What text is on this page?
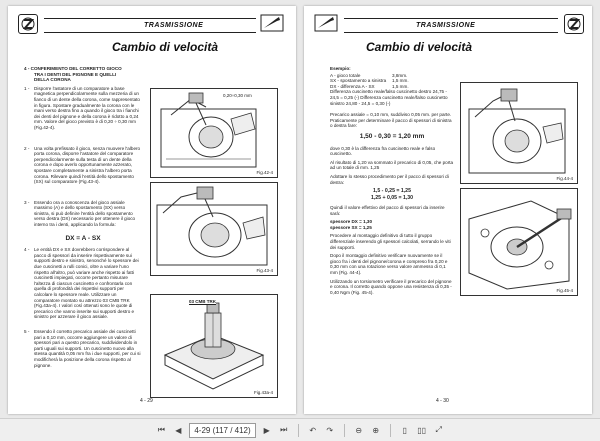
TRASMISSIONE
Cambio di velocità

4 - CONFERIMENTO DEL CORRETTO GIOCO
TRA I DENTI DEL PIGNONE E QUELLI
DELLA CORONA

1 -	Disporre l'astatore di un comparatore a base magnetica perpendicolarmente sulla mezzeria di un fianco di un dente della corona, come rappresentato in figura. Spostare gradualmente la corona con le mani verso destra fino a quando il gioco tra i fianchi dei denti del pignone e della corona è ridotto a 0,24 mm. Valore del gioco previsto è di 0,20 ÷ 0,30 mm (Fig.42-4).

2 -	Una volta prefissato il gioco, senza muovere l'albero porta corona, disporre l'astatore del comparatore perpendicolarmente sulla testa di un dente della corona e dopo averlo opportunamente azzerato, spostare completamente a sinistra l'albero porta corona. Rilevare quindi l'entità dello spostamento (SX) sul comparatore (Fig.43-4).

3 -	Essendo ora a conoscenza del gioco assiale massimo (A) e dello spostamento (SX) verso sinistra, si può definire l'entità dello spostamento verso destra (DX) necessario per ottenere il gioco interno tra i denti, applicando la formula:

DX = A - SX
4 -	Le entità DX e SX dovrebbero corrispondere al pacco di spessori da inserire rispettivamente sui supporti destro e sinistro, senonché lo spessore dei due cuscinetti a rulli conici, oltre a variare l'uno rispetto all'altro, può variare anche rispetto ai fatti cuscinetti impiegati, occorre pertanto misurare l'altezza di ciascun cuscinetto e confrontarla con quella di profondità dei rispettivi supporti per calcolare lo spessore reale. Utilizzare un comparatore montato su attrezzo 03 CMB TRK (Fig.43a-4). I valori così ottenuti sono le quote di precarico che vanno inserite sui supporti destro e sinistro per azzerare il gioco assiale.

5 -	Essendo il corretto precarico assiale dei cuscinetti pari a 0,10 mm, occorre aggiungere un valore di spessori pari a questo precarico, suddividendolo in parti uguali sui supporti. Un cuscinetto nuovo alla stessa quantità 0,05 mm fra i due supporti, per cui si modificherà la posizione della corona rispetto al pignone.

0,20÷0,30 mm
Fig.42-4
Fig.43-4
03 CMB TRK
Fig.43a-4
4 - 29
TRASMISSIONE
Cambio di velocità

Esempio:

A - gioco totale	3,8mm.
SX - spostamento a sinistra	1,5 mm.
DX - differenza A - SX	1,5 mm.

Differenza cuscinetto reale/falso cuscinetto destro 24,75 - 24,5 = 0,25 (-) Differenza cuscinetto reale/falso cuscinetto sinistro 24,80 - 24,5 = 0,30 (-)

Precarico assiale = 0,10 mm, suddiviso 0,05 mm. per parte. Praticamente per determinare il pacco di spessori di sinistra o destra fare:

1,50 - 0,30 = 1,20 mm

dove 0,30 è la differenza fra cuscinetto reale e falso cuscinetto.

Al risultato di 1,20 va sommato il precarico di 0,05, che porta ad un totale di mm. 1,25

Adottare lo stesso procedimento per il pacco di spessori di destra:

1,5 - 0,25 = 1,25
1,25 + 0,05 = 1,30

Quindi il valore effettivo del pacco di spessori da inserire sarà:

spessore DX = 1,30

spessore SX = 1,25

Procedere al montaggio definitivo di tutto il gruppo differenziale inserendo gli spessori calcolati, serrando le viti dei supporti.

Dopo il montaggio definitivo verificare nuovamente se il gioco fra i denti del pignone/corona e compreso fra 0,20 e 0,30 mm con una rotazione verso valore ammesso di 0,1 mm (Fig. 44-4).

Utilizzando un torsiometro verificare il precarico del pignone e corona. Il corretto quando oppone una resistenza di 0,35 - 0,40 Ngm (Fig. 45-4).

Fig.44-4
Fig.45-4
4 - 30
⏮	◀	4-29 (117 / 412)	▶	⏭	↶	↷	⊖	⊕	▯	▯▯	⤢
